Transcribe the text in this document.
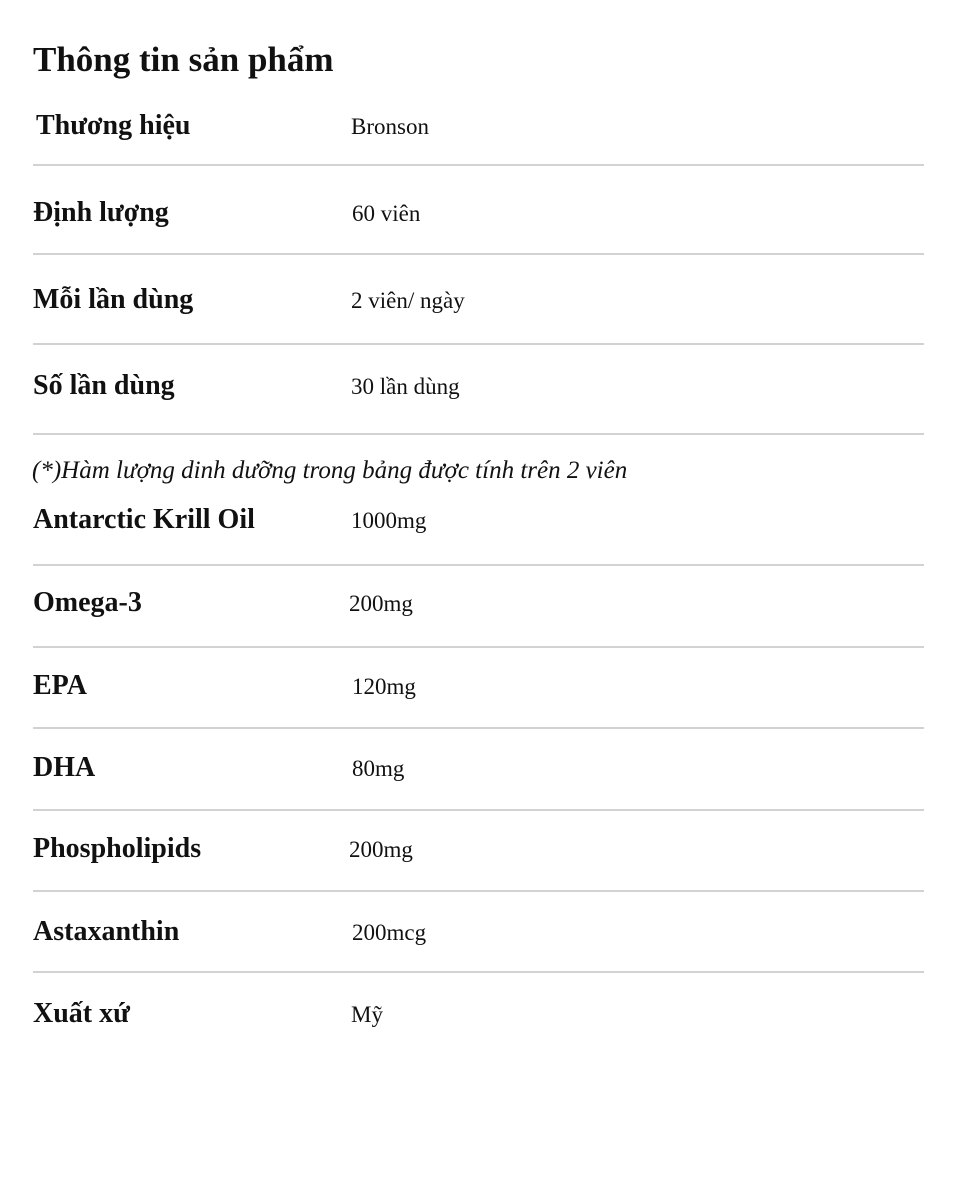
Thông tin sản phẩm
Thương hiệu	Bronson
Định lượng	60 viên
Mỗi lần dùng	2 viên/ ngày
Số lần dùng	30 lần dùng
(*)Hàm lượng dinh dưỡng trong bảng được tính trên 2 viên
Antarctic Krill Oil	1000mg
Omega-3	200mg
EPA	120mg
DHA	80mg
Phospholipids	200mg
Astaxanthin	200mcg
Xuất xứ	Mỹ
